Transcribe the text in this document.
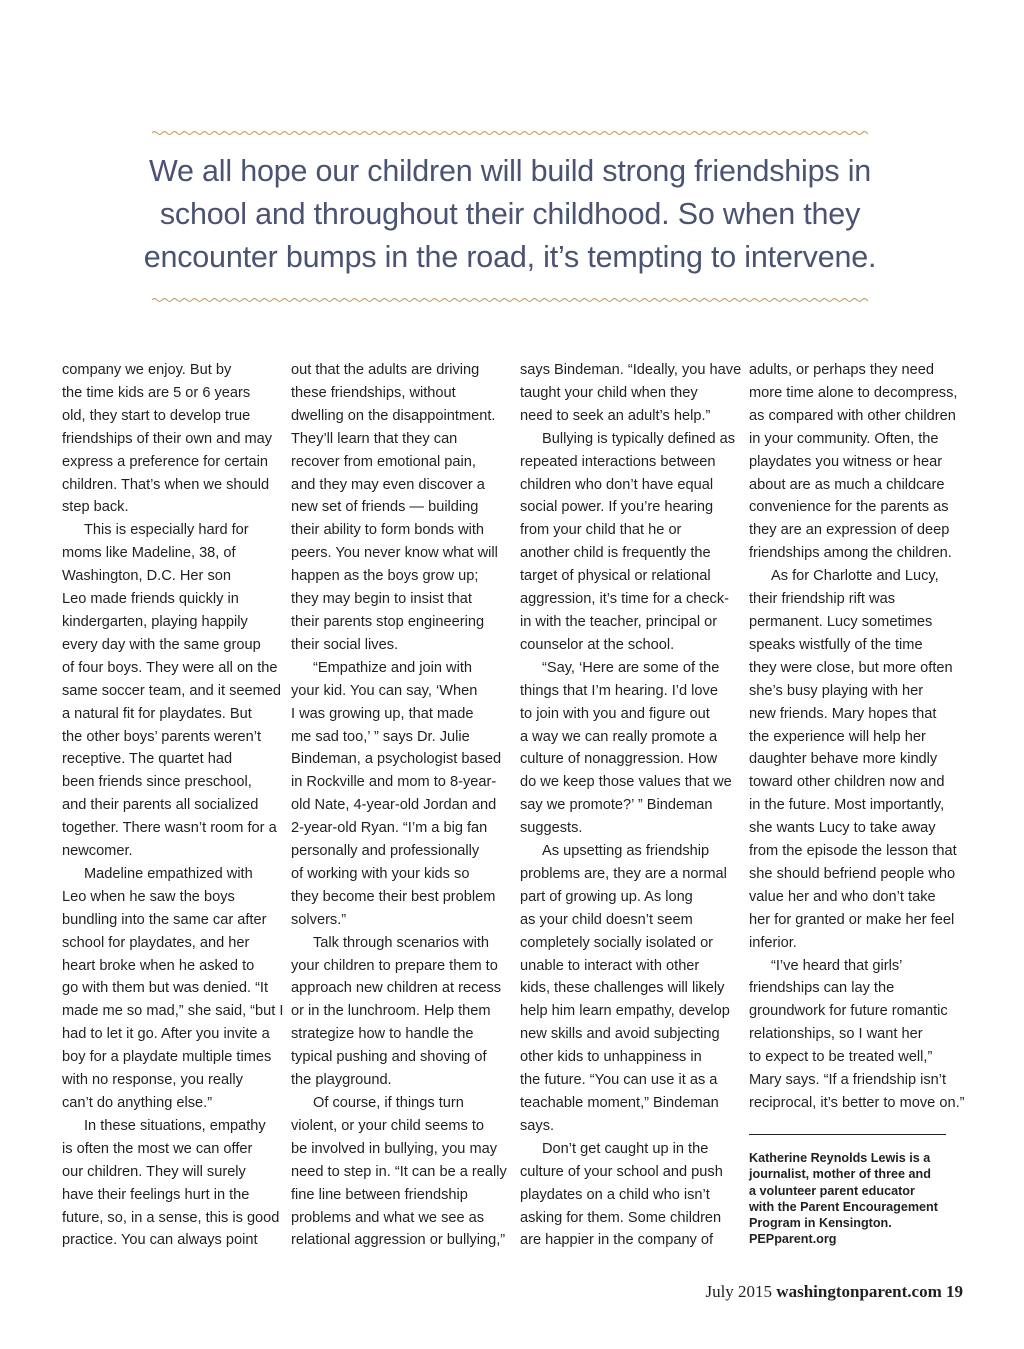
We all hope our children will build strong friendships in
school and throughout their childhood. So when they
encounter bumps in the road, it’s tempting to intervene.
company we enjoy. But by
the time kids are 5 or 6 years
old, they start to develop true
friendships of their own and may
express a preference for certain
children. That’s when we should
step back.
This is especially hard for
moms like Madeline, 38, of
Washington, D.C. Her son
Leo made friends quickly in
kindergarten, playing happily
every day with the same group
of four boys. They were all on the
same soccer team, and it seemed
a natural fit for playdates. But
the other boys’ parents weren’t
receptive. The quartet had
been friends since preschool,
and their parents all socialized
together. There wasn’t room for a
newcomer.
Madeline empathized with
Leo when he saw the boys
bundling into the same car after
school for playdates, and her
heart broke when he asked to
go with them but was denied. “It
made me so mad,” she said, “but I
had to let it go. After you invite a
boy for a playdate multiple times
with no response, you really
can’t do anything else.”
In these situations, empathy
is often the most we can offer
our children. They will surely
have their feelings hurt in the
future, so, in a sense, this is good
practice. You can always point
out that the adults are driving
these friendships, without
dwelling on the disappointment.
They’ll learn that they can
recover from emotional pain,
and they may even discover a
new set of friends — building
their ability to form bonds with
peers. You never know what will
happen as the boys grow up;
they may begin to insist that
their parents stop engineering
their social lives.
“Empathize and join with
your kid. You can say, ‘When
I was growing up, that made
me sad too,’ ” says Dr. Julie
Bindeman, a psychologist based
in Rockville and mom to 8-year-
old Nate, 4-year-old Jordan and
2-year-old Ryan. “I’m a big fan
personally and professionally
of working with your kids so
they become their best problem
solvers.”
Talk through scenarios with
your children to prepare them to
approach new children at recess
or in the lunchroom. Help them
strategize how to handle the
typical pushing and shoving of
the playground.
Of course, if things turn
violent, or your child seems to
be involved in bullying, you may
need to step in. “It can be a really
fine line between friendship
problems and what we see as
relational aggression or bullying,”
says Bindeman. “Ideally, you have
taught your child when they
need to seek an adult’s help.”
Bullying is typically defined as
repeated interactions between
children who don’t have equal
social power. If you’re hearing
from your child that he or
another child is frequently the
target of physical or relational
aggression, it’s time for a check-
in with the teacher, principal or
counselor at the school.
“Say, ‘Here are some of the
things that I’m hearing. I’d love
to join with you and figure out
a way we can really promote a
culture of nonaggression. How
do we keep those values that we
say we promote?’ ” Bindeman
suggests.
As upsetting as friendship
problems are, they are a normal
part of growing up. As long
as your child doesn’t seem
completely socially isolated or
unable to interact with other
kids, these challenges will likely
help him learn empathy, develop
new skills and avoid subjecting
other kids to unhappiness in
the future. “You can use it as a
teachable moment,” Bindeman
says.
Don’t get caught up in the
culture of your school and push
playdates on a child who isn’t
asking for them. Some children
are happier in the company of
adults, or perhaps they need
more time alone to decompress,
as compared with other children
in your community. Often, the
playdates you witness or hear
about are as much a childcare
convenience for the parents as
they are an expression of deep
friendships among the children.
As for Charlotte and Lucy,
their friendship rift was
permanent. Lucy sometimes
speaks wistfully of the time
they were close, but more often
she’s busy playing with her
new friends. Mary hopes that
the experience will help her
daughter behave more kindly
toward other children now and
in the future. Most importantly,
she wants Lucy to take away
from the episode the lesson that
she should befriend people who
value her and who don’t take
her for granted or make her feel
inferior.
“I’ve heard that girls’
friendships can lay the
groundwork for future romantic
relationships, so I want her
to expect to be treated well,”
Mary says. “If a friendship isn’t
reciprocal, it’s better to move on.”
Katherine Reynolds Lewis is a
journalist, mother of three and
a volunteer parent educator
with the Parent Encouragement
Program in Kensington.
PEPparent.org
July 2015 washingtonparent.com 19
